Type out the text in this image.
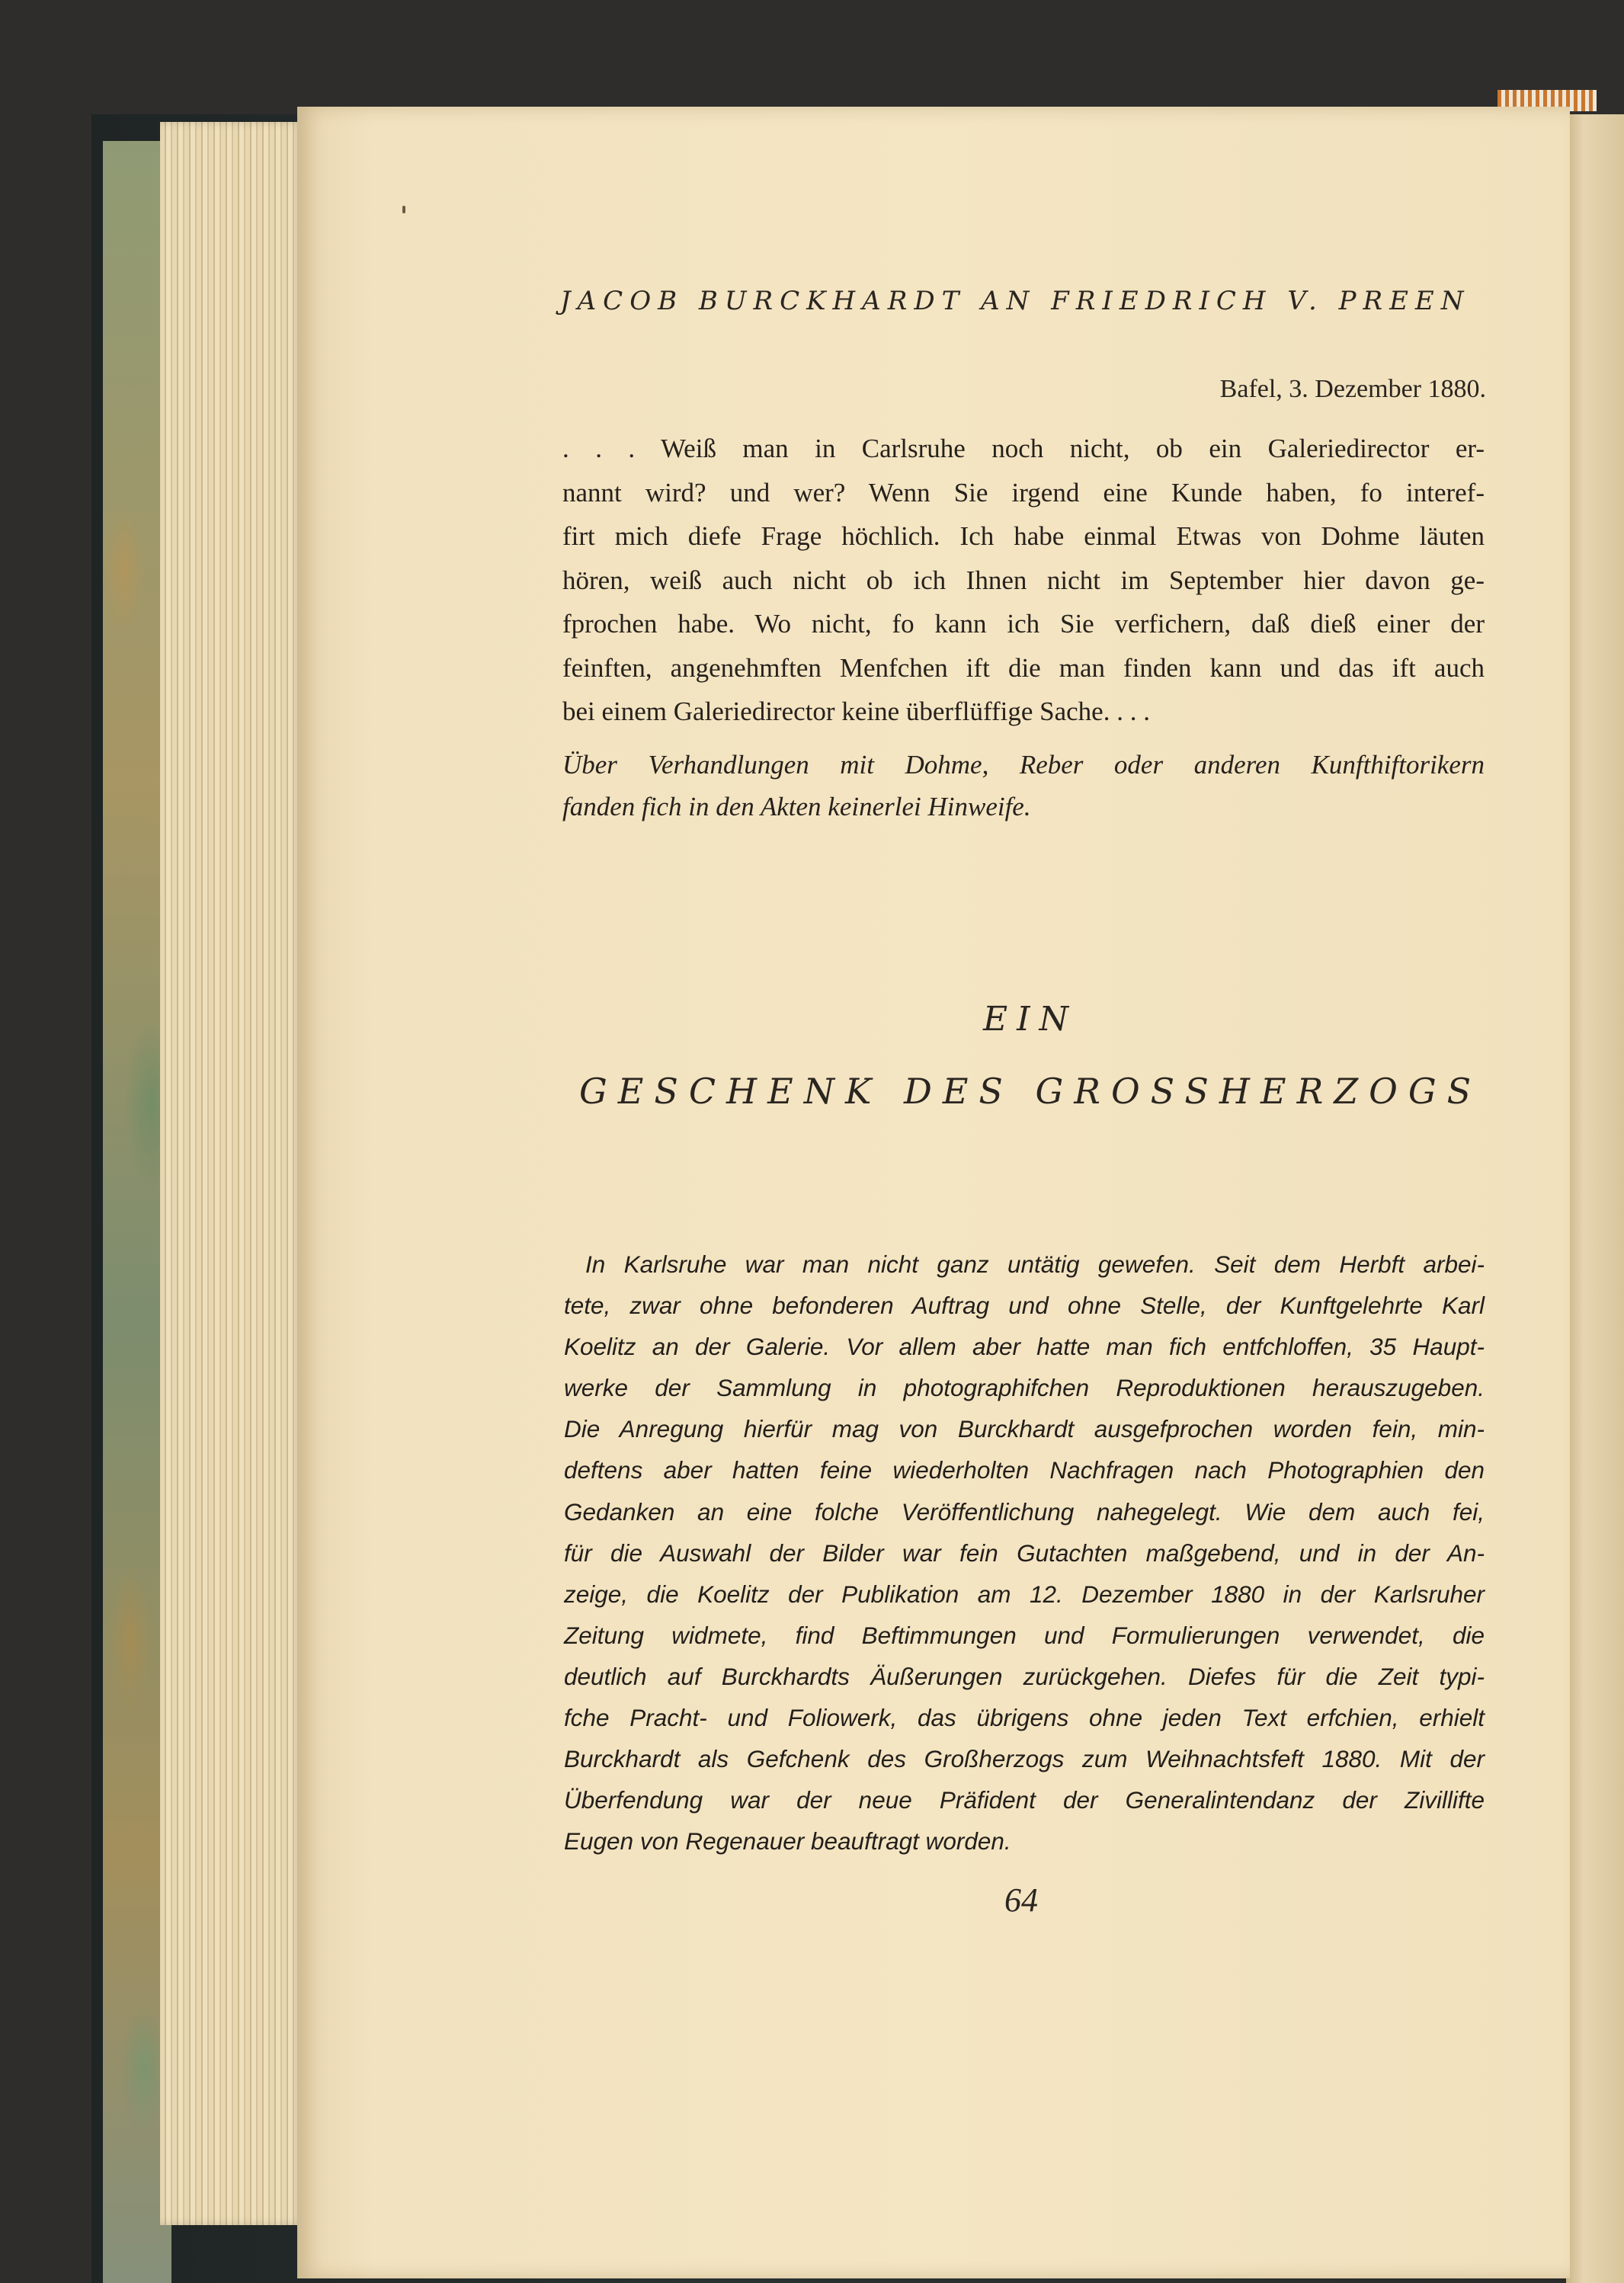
JACOB BURCKHARDT AN FRIEDRICH V. PREEN
Bafel, 3. Dezember 1880.
. . . Weiß man in Carlsruhe noch nicht, ob ein Galeriedirector er-
nannt wird? und wer? Wenn Sie irgend eine Kunde haben, fo interef-
firt mich diefe Frage höchlich. Ich habe einmal Etwas von Dohme läuten
hören, weiß auch nicht ob ich Ihnen nicht im September hier davon ge-
fprochen habe. Wo nicht, fo kann ich Sie verfichern, daß dieß einer der
feinften, angenehmften Menfchen ift die man finden kann und das ift auch
bei einem Galeriedirector keine überflüffige Sache. . . .
Über Verhandlungen mit Dohme, Reber oder anderen Kunfthiftorikern
fanden fich in den Akten keinerlei Hinweife.
EIN
GESCHENK DES GROSSHERZOGS
In Karlsruhe war man nicht ganz untätig gewefen. Seit dem Herbft arbei-
tete, zwar ohne befonderen Auftrag und ohne Stelle, der Kunftgelehrte Karl
Koelitz an der Galerie. Vor allem aber hatte man fich entfchloffen, 35 Haupt-
werke der Sammlung in photographifchen Reproduktionen herauszugeben.
Die Anregung hierfür mag von Burckhardt ausgefprochen worden fein, min-
deftens aber hatten feine wiederholten Nachfragen nach Photographien den
Gedanken an eine folche Veröffentlichung nahegelegt. Wie dem auch fei,
für die Auswahl der Bilder war fein Gutachten maßgebend, und in der An-
zeige, die Koelitz der Publikation am 12. Dezember 1880 in der Karlsruher
Zeitung widmete, find Beftimmungen und Formulierungen verwendet, die
deutlich auf Burckhardts Äußerungen zurückgehen. Diefes für die Zeit typi-
fche Pracht- und Foliowerk, das übrigens ohne jeden Text erfchien, erhielt
Burckhardt als Gefchenk des Großherzogs zum Weihnachtsfeft 1880. Mit der
Überfendung war der neue Präfident der Generalintendanz der Zivillifte
Eugen von Regenauer beauftragt worden.
64
